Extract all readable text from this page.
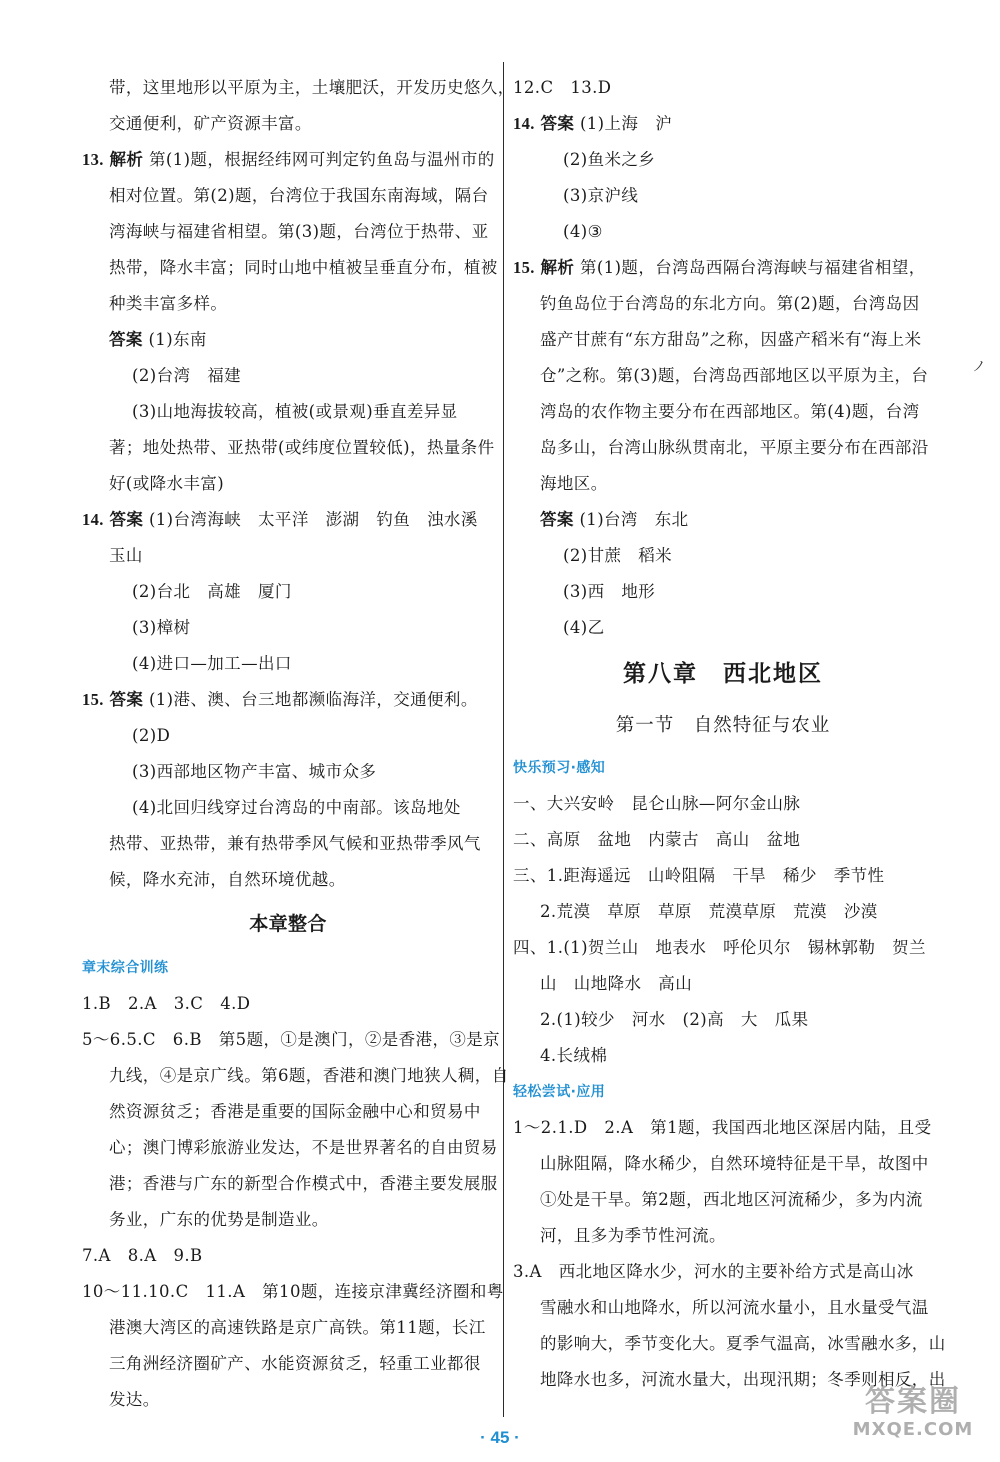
带，这里地形以平原为主，土壤肥沃，开发历史悠久，
交通便利，矿产资源丰富。
13. 解析 第(1)题，根据经纬网可判定钓鱼岛与温州市的
相对位置。第(2)题，台湾位于我国东南海域，隔台
湾海峡与福建省相望。第(3)题，台湾位于热带、亚
热带，降水丰富；同时山地中植被呈垂直分布，植被
种类丰富多样。
答案 (1)东南
(2)台湾　福建
(3)山地海拔较高，植被(或景观)垂直差异显
著；地处热带、亚热带(或纬度位置较低)，热量条件
好(或降水丰富)
14. 答案 (1)台湾海峡　太平洋　澎湖　钓鱼　浊水溪
玉山
(2)台北　高雄　厦门
(3)樟树
(4)进口—加工—出口
15. 答案 (1)港、澳、台三地都濒临海洋，交通便利。
(2)D
(3)西部地区物产丰富、城市众多
(4)北回归线穿过台湾岛的中南部。该岛地处
热带、亚热带，兼有热带季风气候和亚热带季风气
候，降水充沛，自然环境优越。
本章整合
章末综合训练
1.B　2.A　3.C　4.D
5～6.5.C　6.B　第5题，①是澳门，②是香港，③是京
九线，④是京广线。第6题，香港和澳门地狭人稠，自
然资源贫乏；香港是重要的国际金融中心和贸易中
心；澳门博彩旅游业发达，不是世界著名的自由贸易
港；香港与广东的新型合作模式中，香港主要发展服
务业，广东的优势是制造业。
7.A　8.A　9.B
10～11.10.C　11.A　第10题，连接京津冀经济圈和粤
港澳大湾区的高速铁路是京广高铁。第11题，长江
三角洲经济圈矿产、水能资源贫乏，轻重工业都很
发达。
12.C　13.D
14. 答案 (1)上海　沪
(2)鱼米之乡
(3)京沪线
(4)③
15. 解析 第(1)题，台湾岛西隔台湾海峡与福建省相望，
钓鱼岛位于台湾岛的东北方向。第(2)题，台湾岛因
盛产甘蔗有“东方甜岛”之称，因盛产稻米有“海上米
仓”之称。第(3)题，台湾岛西部地区以平原为主，台
湾岛的农作物主要分布在西部地区。第(4)题，台湾
岛多山，台湾山脉纵贯南北，平原主要分布在西部沿
海地区。
答案 (1)台湾　东北
(2)甘蔗　稻米
(3)西　地形
(4)乙
第八章　西北地区
第一节　自然特征与农业
快乐预习·感知
一、大兴安岭　昆仑山脉—阿尔金山脉
二、高原　盆地　内蒙古　高山　盆地
三、1.距海遥远　山岭阻隔　干旱　稀少　季节性
2.荒漠　草原　草原　荒漠草原　荒漠　沙漠
四、1.(1)贺兰山　地表水　呼伦贝尔　锡林郭勒　贺兰
山　山地降水　高山
2.(1)较少　河水　(2)高　大　瓜果
4.长绒棉
轻松尝试·应用
1～2.1.D　2.A　第1题，我国西北地区深居内陆，且受
山脉阻隔，降水稀少，自然环境特征是干旱，故图中
①处是干旱。第2题，西北地区河流稀少，多为内流
河，且多为季节性河流。
3.A　西北地区降水少，河水的主要补给方式是高山冰
雪融水和山地降水，所以河流水量小，且水量受气温
的影响大，季节变化大。夏季气温高，冰雪融水多，山
地降水也多，河流水量大，出现汛期；冬季则相反，出
ノ
· 45 ·
答案圈
MXQE.COM
